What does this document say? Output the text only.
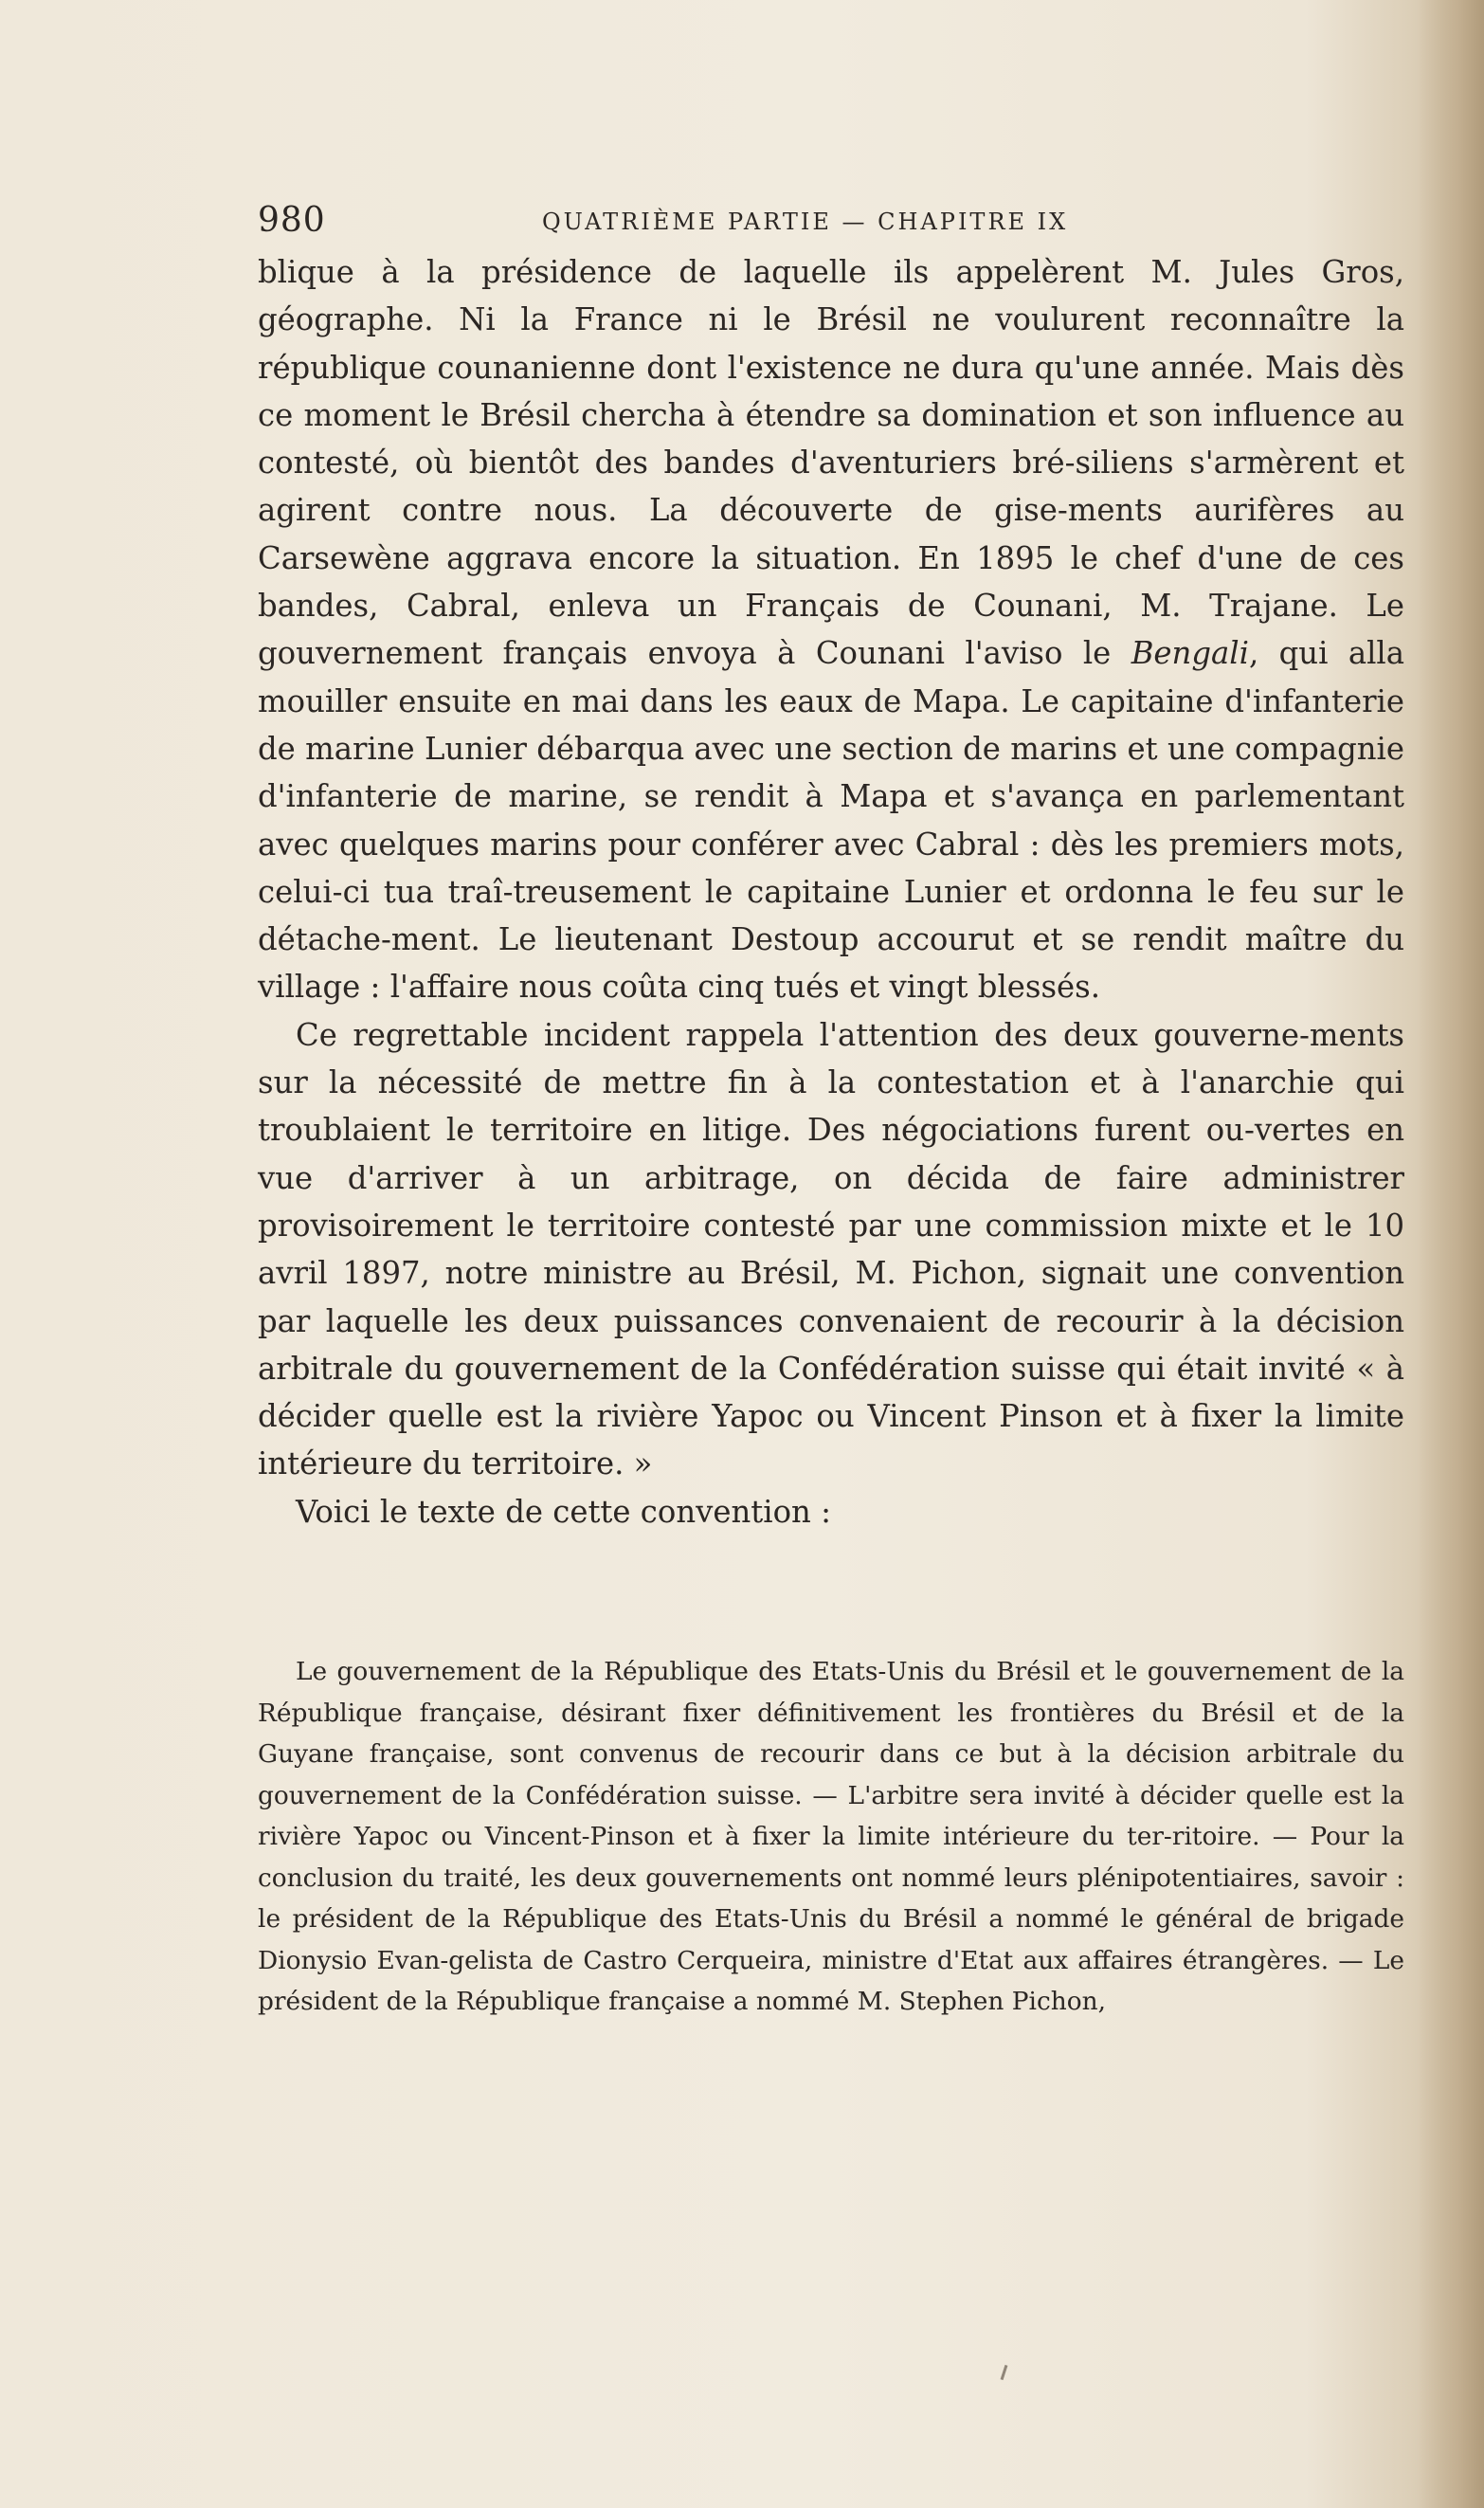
980	QUATRIÈME PARTIE — CHAPITRE IX

blique à la présidence de laquelle ils appelèrent M. Jules Gros, géographe. Ni la France ni le Brésil ne voulurent reconnaître la république counanienne dont l'existence ne dura qu'une année. Mais dès ce moment le Brésil chercha à étendre sa domination et son influence au contesté, où bientôt des bandes d'aventuriers bré-siliens s'armèrent et agirent contre nous. La découverte de gise-ments aurifères au Carsewène aggrava encore la situation. En 1895 le chef d'une de ces bandes, Cabral, enleva un Français de Counani, M. Trajane. Le gouvernement français envoya à Counani l'aviso le Bengali, qui alla mouiller ensuite en mai dans les eaux de Mapa. Le capitaine d'infanterie de marine Lunier débarqua avec une section de marins et une compagnie d'infanterie de marine, se rendit à Mapa et s'avança en parlementant avec quelques marins pour conférer avec Cabral : dès les premiers mots, celui-ci tua traî-treusement le capitaine Lunier et ordonna le feu sur le détache-ment. Le lieutenant Destoup accourut et se rendit maître du village : l'affaire nous coûta cinq tués et vingt blessés.

Ce regrettable incident rappela l'attention des deux gouverne-ments sur la nécessité de mettre fin à la contestation et à l'anarchie qui troublaient le territoire en litige. Des négociations furent ou-vertes en vue d'arriver à un arbitrage, on décida de faire administrer provisoirement le territoire contesté par une commission mixte et le 10 avril 1897, notre ministre au Brésil, M. Pichon, signait une convention par laquelle les deux puissances convenaient de recourir à la décision arbitrale du gouvernement de la Confédération suisse qui était invité « à décider quelle est la rivière Yapoc ou Vincent Pinson et à fixer la limite intérieure du territoire. »

Voici le texte de cette convention :

Le gouvernement de la République des Etats-Unis du Brésil et le gouvernement de la République française, désirant fixer définitivement les frontières du Brésil et de la Guyane française, sont convenus de recourir dans ce but à la décision arbitrale du gouvernement de la Confédération suisse. — L'arbitre sera invité à décider quelle est la rivière Yapoc ou Vincent-Pinson et à fixer la limite intérieure du ter-ritoire. — Pour la conclusion du traité, les deux gouvernements ont nommé leurs plénipotentiaires, savoir : le président de la République des Etats-Unis du Brésil a nommé le général de brigade Dionysio Evan-gelista de Castro Cerqueira, ministre d'Etat aux affaires étrangères. — Le président de la République française a nommé M. Stephen Pichon,
